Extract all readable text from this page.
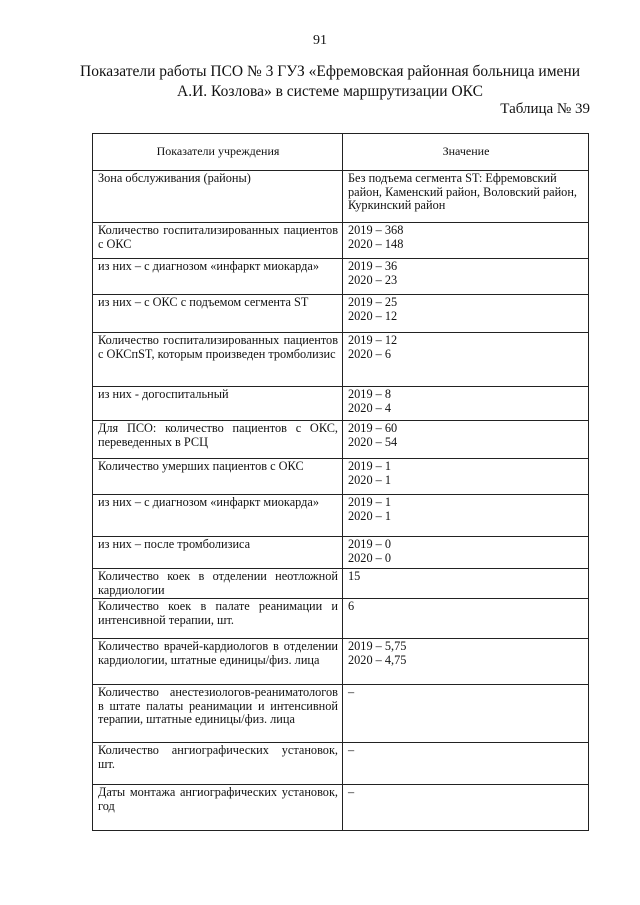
91
Показатели работы ПСО № 3 ГУЗ «Ефремовская районная больница имени
А.И. Козлова» в системе маршрутизации ОКС
Таблица № 39
Показатели учреждения	Значение
Зона обслуживания (районы)	Без подъема сегмента ST: Ефремовский район, Каменский район, Воловский район, Куркинский район

Количество госпитализированных пациентов с ОКС	2019 – 368
2020 – 148

из них – с диагнозом «инфаркт миокарда»	2019 – 36
2020 – 23

из них – с ОКС с подъемом сегмента ST	2019 – 25
2020 – 12

Количество госпитализированных пациентов с ОКСпST, которым произведен тромболизис	2019 – 12
2020 – 6

из них - догоспитальный	2019 – 8
2020 – 4

Для ПСО: количество пациентов с ОКС, переведенных в РСЦ	2019 – 60
2020 – 54

Количество умерших пациентов с ОКС	2019 – 1
2020 – 1

из них – с диагнозом «инфаркт миокарда»	2019 – 1
2020 – 1

из них – после тромболизиса	2019 – 0
2020 – 0

Количество коек в отделении неотложной кардиологии	15

Количество коек в палате реанимации и интенсивной терапии, шт.	6

Количество врачей-кардиологов в отделении кардиологии, штатные единицы/физ. лица	2019 – 5,75
2020 – 4,75

Количество анестезиологов-реаниматологов в штате палаты реанимации и интенсивной терапии, штатные единицы/физ. лица	–

Количество ангиографических установок, шт.	–

Даты монтажа ангиографических установок, год	–
